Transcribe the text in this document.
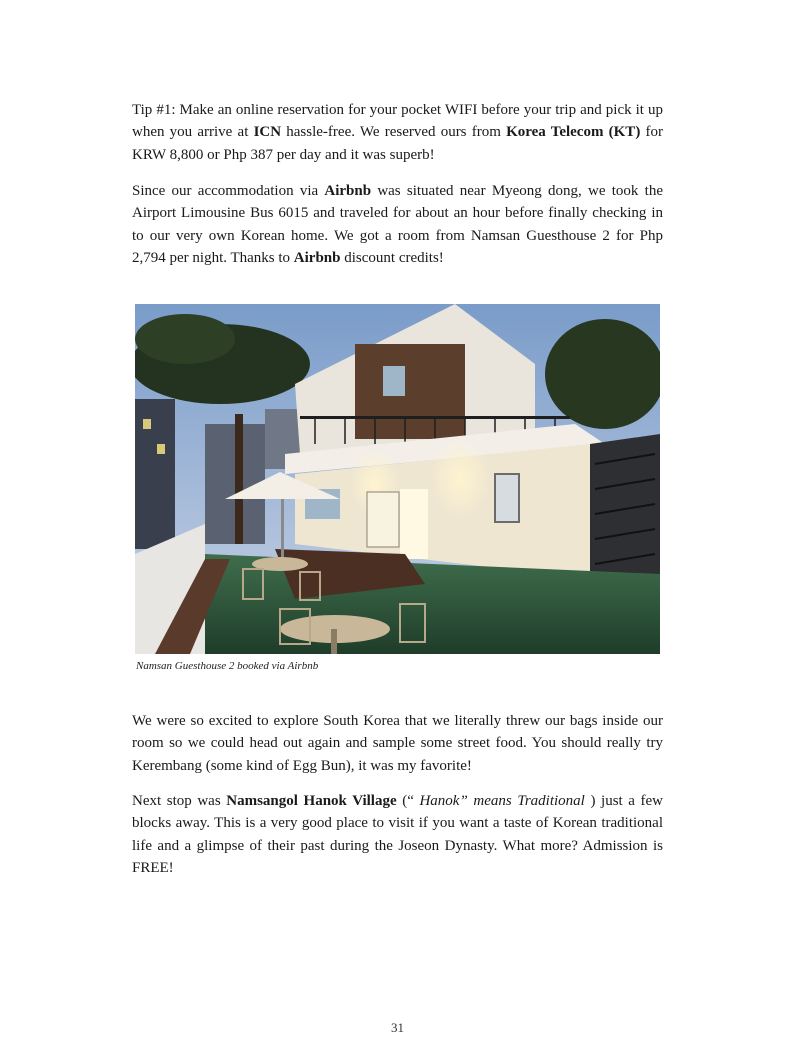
Tip #1: Make an online reservation for your pocket WIFI before your trip and pick it up when you arrive at ICN hassle-free. We reserved ours from Korea Telecom (KT) for KRW 8,800 or Php 387 per day and it was superb!

Since our accommodation via Airbnb was situated near Myeong dong, we took the Airport Limousine Bus 6015 and traveled for about an hour before finally checking in to our very own Korean home. We got a room from Namsan Guesthouse 2 for Php 2,794 per night. Thanks to Airbnb discount credits!

Namsan Guesthouse 2 booked via Airbnb

We were so excited to explore South Korea that we literally threw our bags inside our room so we could head out again and sample some street food. You should really try Kerembang (some kind of Egg Bun), it was my favorite!

Next stop was Namsangol Hanok Village (“ Hanok” means Traditional ) just a few blocks away. This is a very good place to visit if you want a taste of Korean traditional life and a glimpse of their past during the Joseon Dynasty. What more? Admission is FREE!

31
